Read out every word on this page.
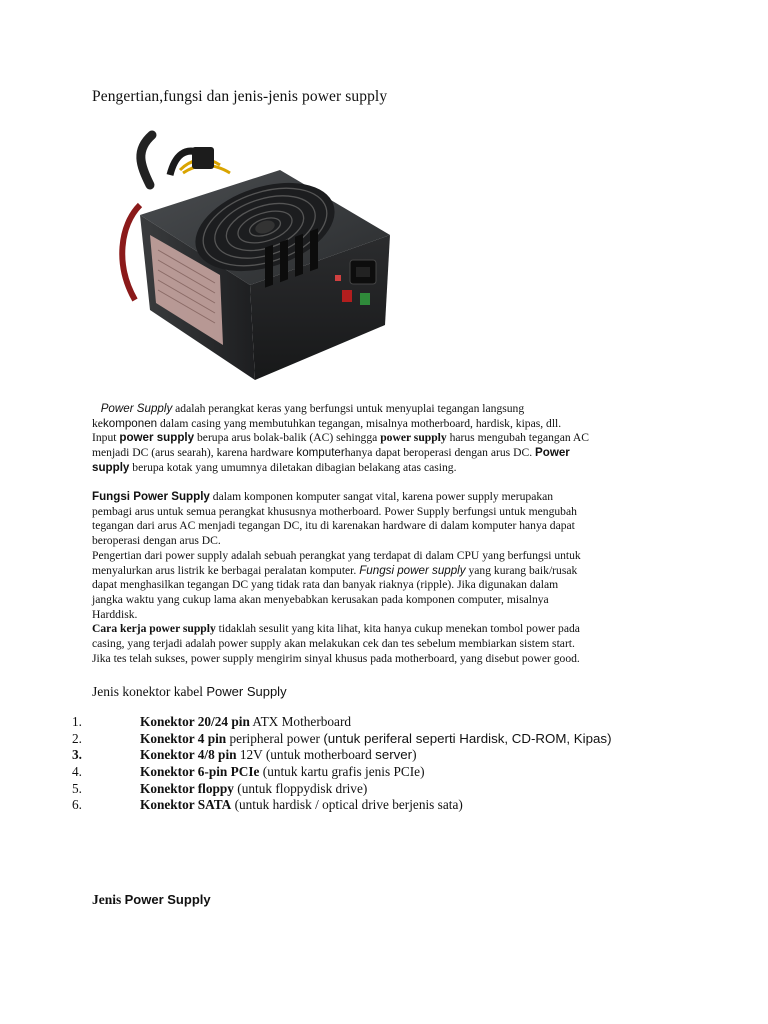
Pengertian,fungsi dan jenis-jenis power supply
Power Supply adalah perangkat keras yang berfungsi untuk menyuplai tegangan langsung
kekomponen dalam casing yang membutuhkan tegangan, misalnya motherboard, hardisk, kipas, dll.
Input power supply berupa arus bolak-balik (AC) sehingga power supply harus mengubah tegangan AC
menjadi DC (arus searah), karena hardware komputerhanya dapat beroperasi dengan arus DC. Power
supply berupa kotak yang umumnya diletakan dibagian belakang atas casing.
Fungsi Power Supply dalam komponen komputer sangat vital, karena power supply merupakan
pembagi arus untuk semua perangkat khususnya motherboard. Power Supply berfungsi untuk mengubah
tegangan dari arus AC menjadi tegangan DC, itu di karenakan hardware di dalam komputer hanya dapat
beroperasi dengan arus DC.
Pengertian dari power supply adalah sebuah perangkat yang terdapat di dalam CPU yang berfungsi untuk
menyalurkan arus listrik ke berbagai peralatan komputer. Fungsi power supply yang kurang baik/rusak
dapat menghasilkan tegangan DC yang tidak rata dan banyak riaknya (ripple). Jika digunakan dalam
jangka waktu yang cukup lama akan menyebabkan kerusakan pada komponen computer, misalnya
Harddisk.
Cara kerja power supply tidaklah sesulit yang kita lihat, kita hanya cukup menekan tombol power pada
casing, yang terjadi adalah power supply akan melakukan cek dan tes sebelum membiarkan sistem start.
Jika tes telah sukses, power supply mengirim sinyal khusus pada motherboard, yang disebut power good.
Jenis konektor kabel Power Supply
1.	Konektor 20/24 pin ATX Motherboard
2.	Konektor 4 pin peripheral power (untuk periferal seperti Hardisk, CD-ROM, Kipas)
3.	Konektor 4/8 pin 12V (untuk motherboard server)
4.	Konektor 6-pin PCIe (untuk kartu grafis jenis PCIe)
5.	Konektor floppy (untuk floppydisk drive)
6.	Konektor SATA (untuk hardisk / optical drive berjenis sata)
Jenis Power Supply
